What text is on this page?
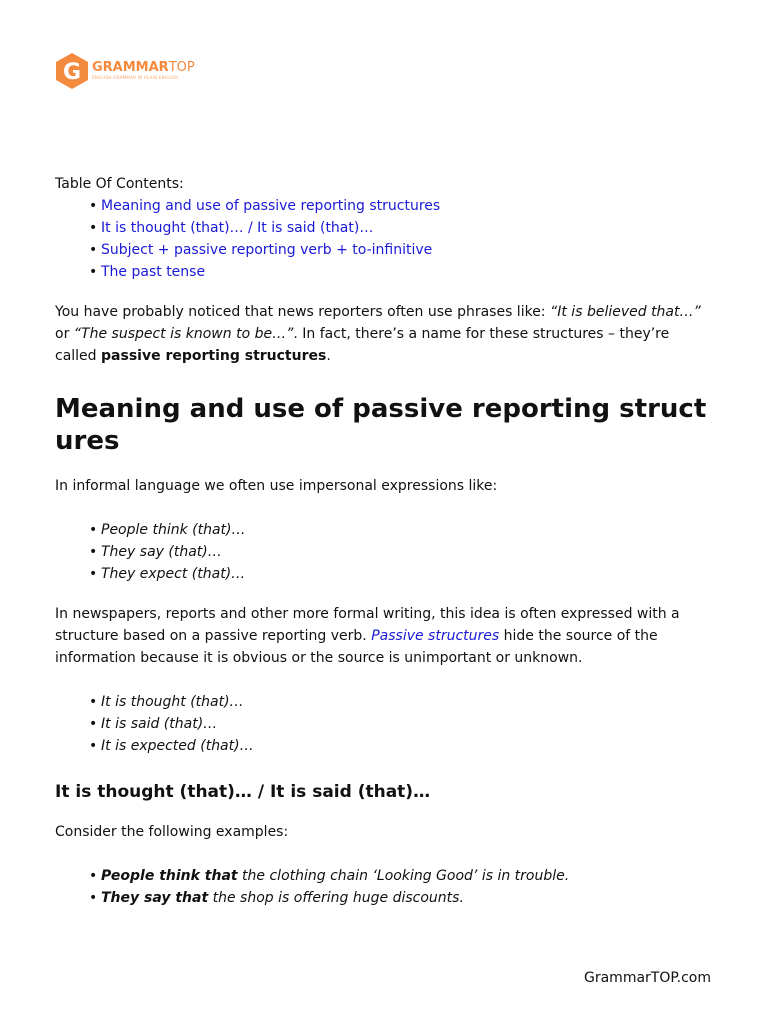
G GRAMMARTOP
ENGLISH GRAMMAR IN PLAIN ENGLISH

Table Of Contents:

• Meaning and use of passive reporting structures
• It is thought (that)… / It is said (that)…
• Subject + passive reporting verb + to-infinitive
• The past tense

You have probably noticed that news reporters often use phrases like: “It is believed that…” or “The suspect is known to be…”. In fact, there’s a name for these structures – they’re called passive reporting structures.

Meaning and use of passive reporting structures

In informal language we often use impersonal expressions like:

• People think (that)…
• They say (that)…
• They expect (that)…

In newspapers, reports and other more formal writing, this idea is often expressed with a structure based on a passive reporting verb. Passive structures hide the source of the information because it is obvious or the source is unimportant or unknown.

• It is thought (that)…
• It is said (that)…
• It is expected (that)…
It is thought (that)… / It is said (that)…

Consider the following examples:

• People think that the clothing chain ‘Looking Good’ is in trouble.
• They say that the shop is offering huge discounts.
GrammarTOP.com
